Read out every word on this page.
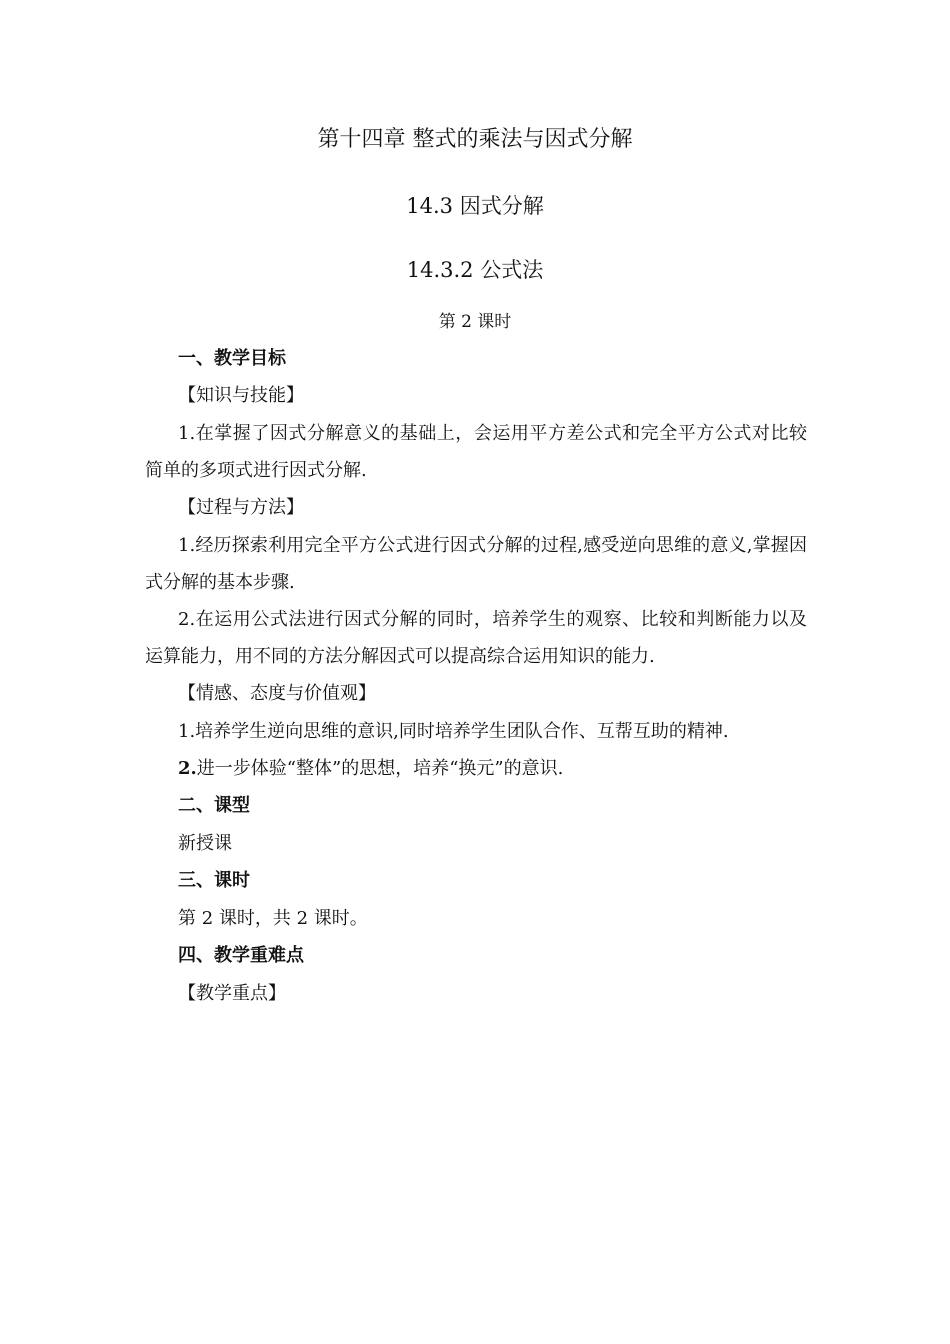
第十四章 整式的乘法与因式分解
14.3 因式分解
14.3.2 公式法
第 2 课时
一、教学目标
【知识与技能】
1.在掌握了因式分解意义的基础上，会运用平方差公式和完全平方公式对比较简单的多项式进行因式分解.
【过程与方法】
1.经历探索利用完全平方公式进行因式分解的过程,感受逆向思维的意义,掌握因式分解的基本步骤.
2.在运用公式法进行因式分解的同时，培养学生的观察、比较和判断能力以及运算能力，用不同的方法分解因式可以提高综合运用知识的能力.
【情感、态度与价值观】
1.培养学生逆向思维的意识,同时培养学生团队合作、互帮互助的精神.
2.进一步体验“整体”的思想，培养“换元”的意识.
二、课型
新授课
三、课时
第 2 课时，共 2 课时。
四、教学重难点
【教学重点】
